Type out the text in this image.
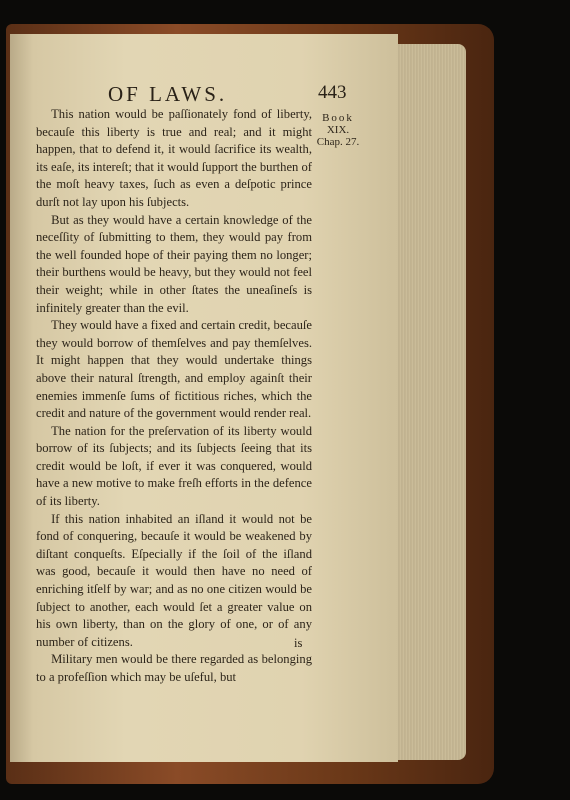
OF LAWS.	443
Book
XIX.
Chap. 27.

This nation would be paſſionately fond of liberty, becauſe this liberty is true and real; and it might happen, that to defend it, it would ſacrifice its wealth, its eaſe, its intereſt; that it would ſupport the burthen of the moſt heavy taxes, ſuch as even a deſpotic prince durſt not lay upon his ſubjects.

But as they would have a certain knowledge of the neceſſity of ſubmitting to them, they would pay from the well founded hope of their paying them no longer; their burthens would be heavy, but they would not feel their weight; while in other ſtates the uneaſineſs is infinitely greater than the evil.

They would have a fixed and certain credit, becauſe they would borrow of themſelves and pay themſelves. It might happen that they would undertake things above their natural ſtrength, and employ againſt their enemies immenſe ſums of fictitious riches, which the credit and nature of the government would render real.

The nation for the preſervation of its liberty would borrow of its ſubjects; and its ſubjects ſeeing that its credit would be loſt, if ever it was conquered, would have a new motive to make freſh efforts in the defence of its liberty.

If this nation inhabited an iſland it would not be fond of conquering, becauſe it would be weakened by diſtant conqueſts. Eſpecially if the ſoil of the iſland was good, becauſe it would then have no need of enriching itſelf by war; and as no one citizen would be ſubject to another, each would ſet a greater value on his own liberty, than on the glory of one, or of any number of citizens.

Military men would be there regarded as belonging to a profeſſion which may be uſeful, but

is
